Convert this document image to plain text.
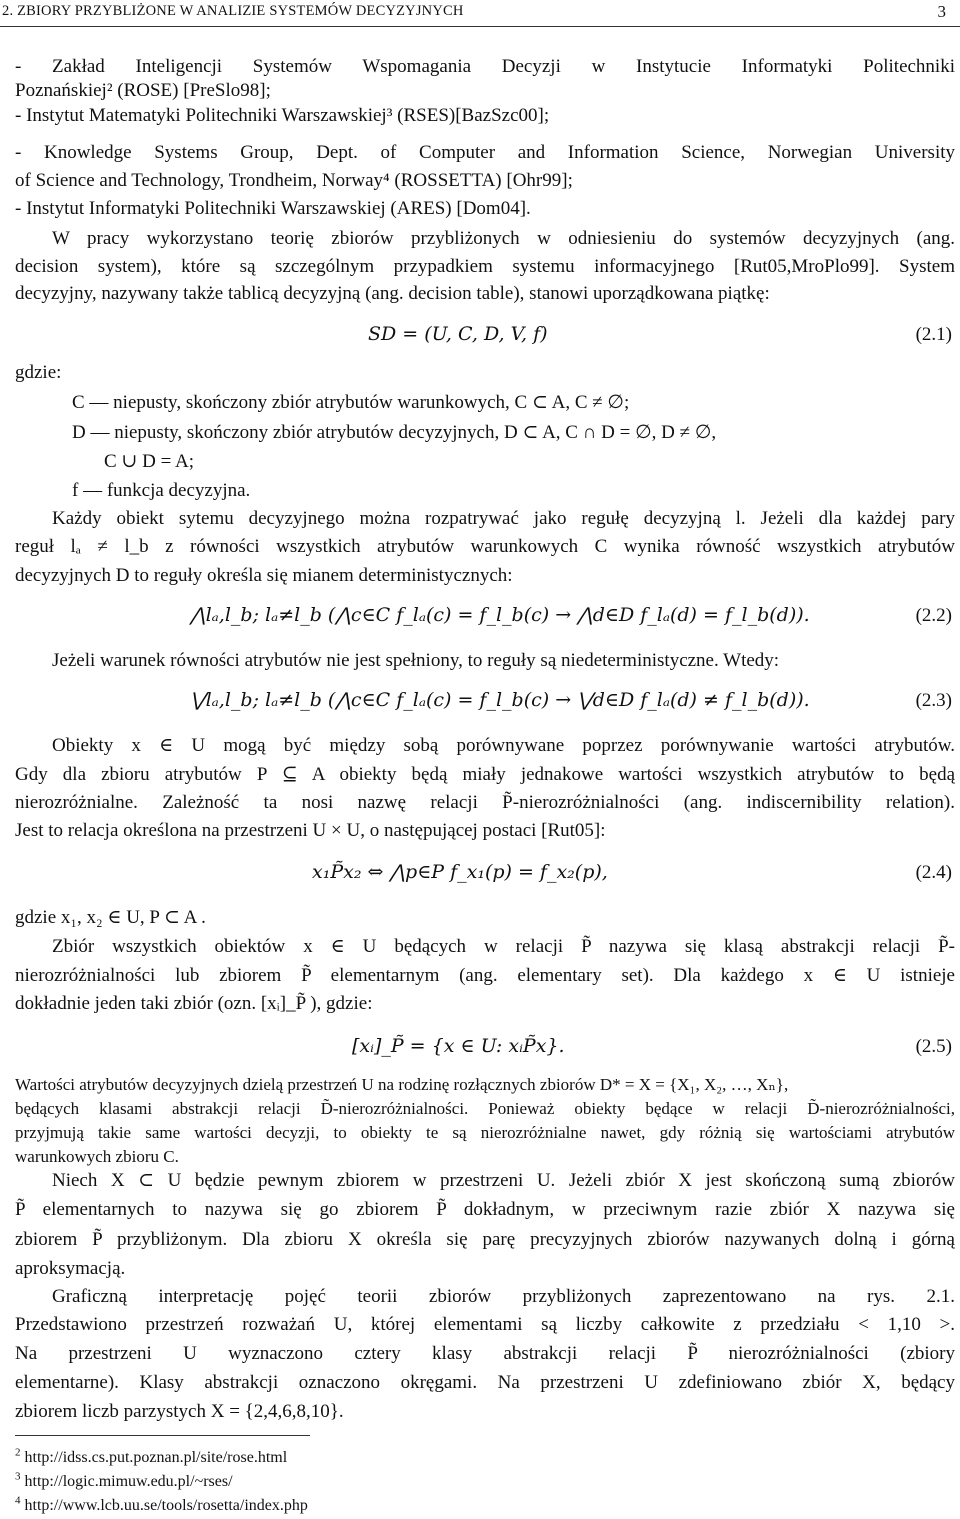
2. ZBIORY PRZYBLIŻONE W ANALIZIE SYSTEMÓW DECYZYJNYCH	3
- Zakład Inteligencji Systemów Wspomagania Decyzji w Instytucie Informatyki Politechniki
Poznańskiej² (ROSE) [PreSlo98];
- Instytut Matematyki Politechniki Warszawskiej³ (RSES)[BazSzc00];
- Knowledge Systems Group, Dept. of Computer and Information Science, Norwegian University
of Science and Technology, Trondheim, Norway⁴ (ROSSETTA) [Ohr99];
- Instytut Informatyki Politechniki Warszawskiej (ARES) [Dom04].
W pracy wykorzystano teorię zbiorów przybliżonych w odniesieniu do systemów decyzyjnych (ang.
decision system), które są szczególnym przypadkiem systemu informacyjnego [Rut05,MroPlo99]. System
decyzyjny, nazywany także tablicą decyzyjną (ang. decision table), stanowi uporządkowana piątkę:
SD = (U, C, D, V, f)	(2.1)
gdzie:
C — niepusty, skończony zbiór atrybutów warunkowych, C ⊂ A, C ≠ ∅;
D — niepusty, skończony zbiór atrybutów decyzyjnych, D ⊂ A, C ∩ D = ∅, D ≠ ∅,
C ∪ D = A;
f — funkcja decyzyjna.
Każdy obiekt sytemu decyzyjnego można rozpatrywać jako regułę decyzyjną l. Jeżeli dla każdej pary
reguł lₐ ≠ l_b z równości wszystkich atrybutów warunkowych C wynika równość wszystkich atrybutów
decyzyjnych D to reguły określa się mianem deterministycznych:
⋀lₐ,l_b; lₐ≠l_b (⋀c∈C f_lₐ(c) = f_l_b(c) → ⋀d∈D f_lₐ(d) = f_l_b(d)).	(2.2)
Jeżeli warunek równości atrybutów nie jest spełniony, to reguły są niedeterministyczne. Wtedy:
⋁lₐ,l_b; lₐ≠l_b (⋀c∈C f_lₐ(c) = f_l_b(c) → ⋁d∈D f_lₐ(d) ≠ f_l_b(d)).	(2.3)
Obiekty x ∈ U mogą być między sobą porównywane poprzez porównywanie wartości atrybutów.
Gdy dla zbioru atrybutów P ⊆ A obiekty będą miały jednakowe wartości wszystkich atrybutów to będą
nierozróżnialne. Zależność ta nosi nazwę relacji P̃-nierozróżnialności (ang. indiscernibility relation).
Jest to relacja określona na przestrzeni U × U, o następującej postaci [Rut05]:
x₁P̃x₂ ⇔ ⋀p∈P f_x₁(p) = f_x₂(p),	(2.4)
gdzie x₁, x₂ ∈ U, P ⊂ A .
Zbiór wszystkich obiektów x ∈ U będących w relacji P̃ nazywa się klasą abstrakcji relacji P̃-
nierozróżnialności lub zbiorem P̃ elementarnym (ang. elementary set). Dla każdego x ∈ U istnieje
dokładnie jeden taki zbiór (ozn. [xᵢ]_P̃ ), gdzie:
[xᵢ]_P̃ = {x ∈ U: xᵢP̃x}.	(2.5)
Wartości atrybutów decyzyjnych dzielą przestrzeń U na rodzinę rozłącznych zbiorów D* = X = {X₁, X₂, …, Xₙ},
będących klasami abstrakcji relacji D̃-nierozróżnialności. Ponieważ obiekty będące w relacji D̃-nierozróżnialności,
przyjmują takie same wartości decyzji, to obiekty te są nierozróżnialne nawet, gdy różnią się wartościami atrybutów
warunkowych zbioru C.
Niech X ⊂ U będzie pewnym zbiorem w przestrzeni U. Jeżeli zbiór X jest skończoną sumą zbiorów
P̃ elementarnych to nazywa się go zbiorem P̃ dokładnym, w przeciwnym razie zbiór X nazywa się
zbiorem P̃ przybliżonym. Dla zbioru X określa się parę precyzyjnych zbiorów nazywanych dolną i górną
aproksymacją.
Graficzną interpretację pojęć teorii zbiorów przybliżonych zaprezentowano na rys. 2.1.
Przedstawiono przestrzeń rozważań U, której elementami są liczby całkowite z przedziału < 1,10 >.
Na przestrzeni U wyznaczono cztery klasy abstrakcji relacji P̃ nierozróżnialności (zbiory
elementarne). Klasy abstrakcji oznaczono okręgami. Na przestrzeni U zdefiniowano zbiór X, będący
zbiorem liczb parzystych X = {2,4,6,8,10}.
$^2$ http://idss.cs.put.poznan.pl/site/rose.html
$^3$ http://logic.mimuw.edu.pl/~rses/
$^4$ http://www.lcb.uu.se/tools/rosetta/index.php
